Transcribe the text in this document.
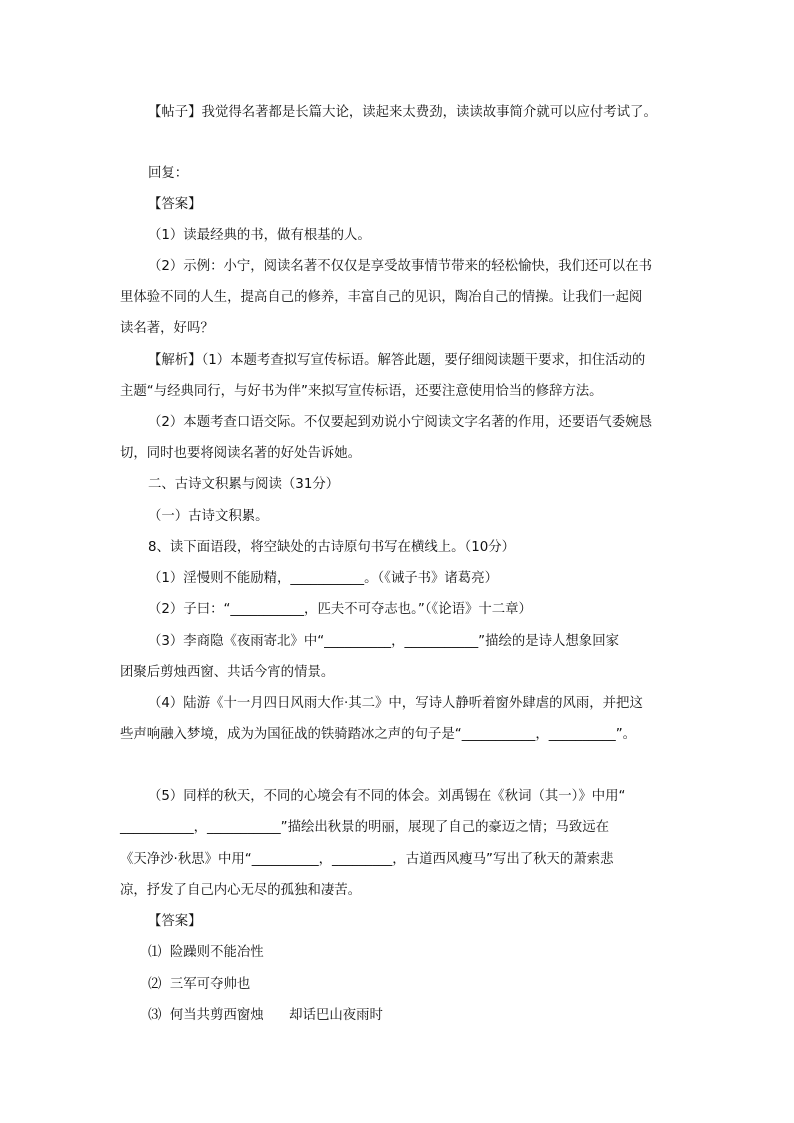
【帖子】我觉得名著都是长篇大论，读起来太费劲，读读故事简介就可以应付考试了。
回复：
【答案】
（1）读最经典的书，做有根基的人。
（2）示例：小宁，阅读名著不仅仅是享受故事情节带来的轻松愉快，我们还可以在书
里体验不同的人生，提高自己的修养，丰富自己的见识，陶冶自己的情操。让我们一起阅
读名著，好吗？
【解析】（1）本题考查拟写宣传标语。解答此题，要仔细阅读题干要求，扣住活动的
主题“与经典同行，与好书为伴”来拟写宣传标语，还要注意使用恰当的修辞方法。
（2）本题考查口语交际。不仅要起到劝说小宁阅读文字名著的作用，还要语气委婉恳
切，同时也要将阅读名著的好处告诉她。
二、古诗文积累与阅读（31分）
（一）古诗文积累。
8、读下面语段，将空缺处的古诗原句书写在横线上。（10分）
（1）淫慢则不能励精，___________。（《诫子书》诸葛亮）
（2）子曰：“___________，匹夫不可夺志也。”（《论语》十二章）
（3）李商隐《夜雨寄北》中“__________，___________”描绘的是诗人想象回家
团聚后剪烛西窗、共话今宵的情景。
（4）陆游《十一月四日风雨大作·其二》中，写诗人静听着窗外肆虐的风雨，并把这
些声响融入梦境，成为为国征战的铁骑踏冰之声的句子是“___________，__________”。
（5）同样的秋天，不同的心境会有不同的体会。刘禹锡在《秋词（其一）》中用“
___________，___________”描绘出秋景的明丽，展现了自己的豪迈之情；马致远在
《天净沙·秋思》中用“__________，_________，古道西风瘦马”写出了秋天的萧索悲
凉，抒发了自己内心无尽的孤独和凄苦。
【答案】
⑴  险躁则不能冶性
⑵  三军可夺帅也
⑶  何当共剪西窗烛      却话巴山夜雨时
